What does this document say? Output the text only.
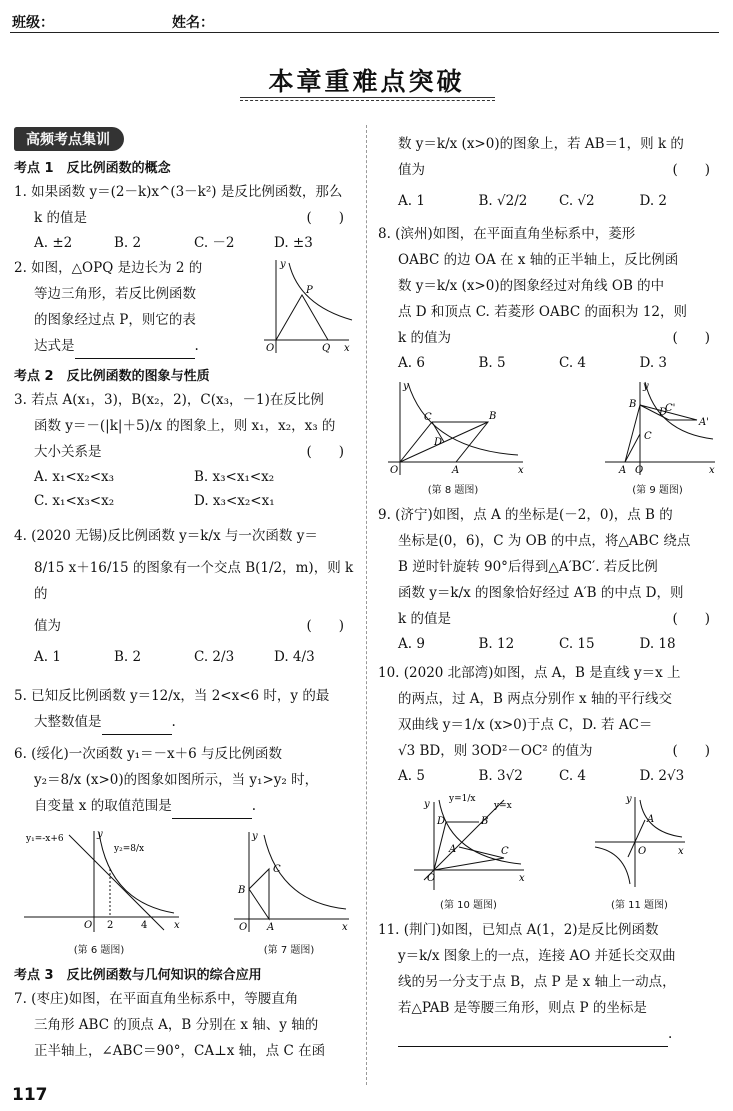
班级：	姓名：
本章重难点突破
高频考点集训
考点 1　反比例函数的概念

1. 如果函数 y＝(2－k)x^(3－k²) 是反比例函数，那么

k 的值是	(　　)

A. ±2	B. 2	C. －2	D. ±3

2. 如图，△OPQ 是边长为 2 的

等边三角形，若反比例函数

的图象经过点 P，则它的表

达式是	.

y
P
O	Q x
考点 2　反比例函数的图象与性质

3. 若点 A(x₁，3)，B(x₂，2)，C(x₃，－1)在反比例

函数 y＝－(|k|＋5)/x 的图象上，则 x₁，x₂，x₃ 的

大小关系是	(　　)

A. x₁<x₂<x₃	B. x₃<x₁<x₂
C. x₁<x₃<x₂	D. x₃<x₂<x₁

4. (2020 无锡)反比例函数 y＝k/x 与一次函数 y＝

8/15 x＋16/15 的图象有一个交点 B(1/2，m)，则 k 的

值为	(　　)

A. 1	B. 2	C. 2/3	D. 4/3

5. 已知反比例函数 y＝12/x，当 2<x<6 时，y 的最

大整数值是	.

6. (绥化)一次函数 y₁＝－x＋6 与反比例函数

y₂＝8/x (x>0)的图象如图所示，当 y₁>y₂ 时，

自变量 x 的取值范围是	.

y₁=-x+6
y₂=8/x
y
O 2	4	x
(第 6 题图)
y
C
B
O A	x
(第 7 题图)
考点 3　反比例函数与几何知识的综合应用

7. (枣庄)如图，在平面直角坐标系中，等腰直角

三角形 ABC 的顶点 A，B 分别在 x 轴、y 轴的

正半轴上，∠ABC＝90°，CA⊥x 轴，点 C 在函

数 y＝k/x (x>0)的图象上，若 AB＝1，则 k 的

值为	(　　)

A. 1	B. √2/2	C. √2	D. 2

8. (滨州)如图，在平面直角坐标系中，菱形

OABC 的边 OA 在 x 轴的正半轴上，反比例函

数 y＝k/x (x>0)的图象经过对角线 OB 的中

点 D 和顶点 C. 若菱形 OABC 的面积为 12，则

k 的值为	(　　)

A. 6	B. 5	C. 4	D. 3
y
C	B
D
O	A	x
(第 8 题图)
y
B	C'
A'
D
C
A O	x
(第 9 题图)

9. (济宁)如图，点 A 的坐标是(－2，0)，点 B 的

坐标是(0，6)，C 为 OB 的中点，将△ABC 绕点

B 逆时针旋转 90°后得到△A′BC′. 若反比例

函数 y＝k/x 的图象恰好经过 A′B 的中点 D，则

k 的值是	(　　)

A. 9	B. 12	C. 15	D. 18

10. (2020 北部湾)如图，点 A，B 是直线 y＝x 上

的两点，过 A，B 两点分别作 x 轴的平行线交

双曲线 y＝1/x (x>0)于点 C，D. 若 AC＝

√3 BD，则 3OD²－OC² 的值为	(　　)

A. 5	B. 3√2	C. 4	D. 2√3
y=1/x
y=x
y
D	B
A	C
O	x
(第 10 题图)
y
A
O	x
(第 11 题图)

11. (荆门)如图，已知点 A(1，2)是反比例函数

y＝k/x 图象上的一点，连接 AO 并延长交双曲

线的另一分支于点 B，点 P 是 x 轴上一动点，

若△PAB 是等腰三角形，则点 P 的坐标是

.

117
